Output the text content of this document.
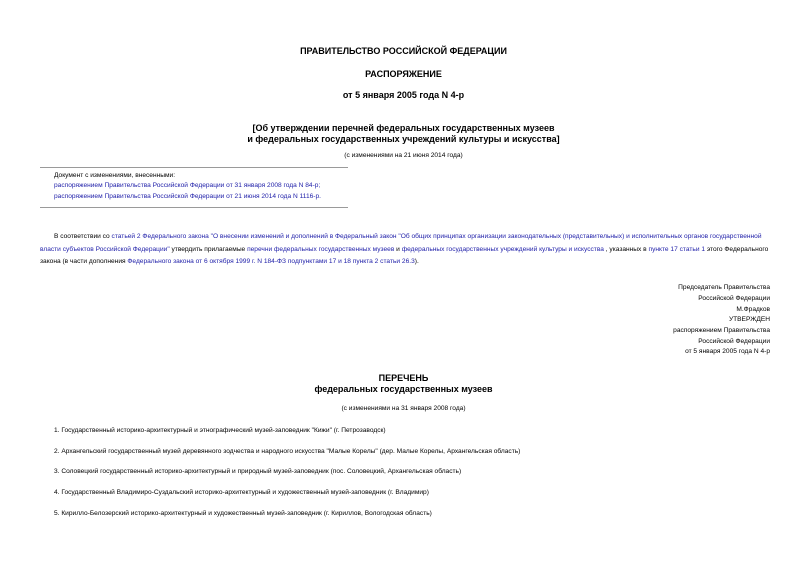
ПРАВИТЕЛЬСТВО РОССИЙСКОЙ ФЕДЕРАЦИИ
РАСПОРЯЖЕНИЕ
от 5 января 2005 года N 4-р
[Об утверждении перечней федеральных государственных музеев
и федеральных государственных учреждений культуры и искусства]
(с изменениями на 21 июня 2014 года)
Документ с изменениями, внесенными:
распоряжением Правительства Российской Федерации от 31 января 2008 года N 84-р;
распоряжением Правительства Российской Федерации от 21 июня 2014 года N 1116-р.
В соответствии со статьей 2 Федерального закона "О внесении изменений и дополнений в Федеральный закон "Об общих принципах организации законодательных (представительных) и исполнительных органов государственной власти субъектов Российской Федерации" утвердить прилагаемые перечни федеральных государственных музеев и федеральных государственных учреждений культуры и искусства , указанных в пункте 17 статьи 1 этого Федерального закона (в части дополнения Федерального закона от 6 октября 1999 г. N 184-ФЗ подпунктами 17 и 18 пункта 2 статьи 26.3).
Председатель Правительства
Российской Федерации
М.Фрадков
УТВЕРЖДЕН
распоряжением Правительства
Российской Федерации
от 5 января 2005 года N 4-р
ПЕРЕЧЕНЬ
федеральных государственных музеев
(с изменениями на 31 января 2008 года)
1. Государственный историко-архитектурный и этнографический музей-заповедник "Кижи" (г. Петрозаводск)
2. Архангельский государственный музей деревянного зодчества и народного искусства "Малые Корелы" (дер. Малые Корелы, Архангельская область)
3. Соловецкий государственный историко-архитектурный и природный музей-заповедник (пос. Соловецкий, Архангельская область)
4. Государственный Владимиро-Суздальский историко-архитектурный и художественный музей-заповедник (г. Владимир)
5. Кирилло-Белозерский историко-архитектурный и художественный музей-заповедник (г. Кириллов, Вологодская область)
